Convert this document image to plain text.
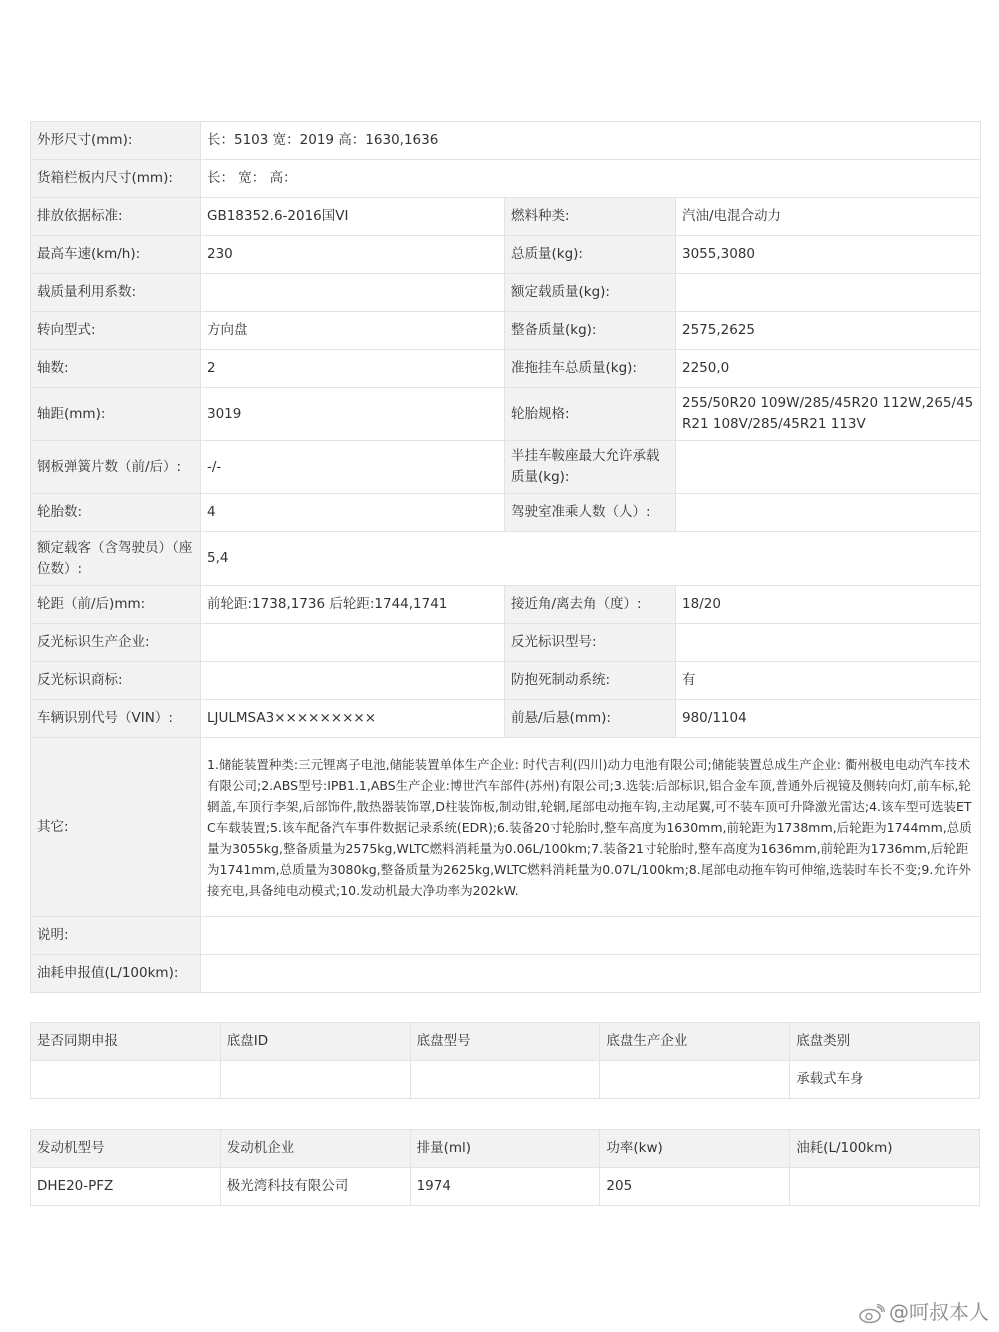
外形尺寸(mm):	长：5103 宽：2019 高：1630,1636		
货箱栏板内尺寸(mm):	长： 宽： 高：		
排放依据标准:	GB18352.6-2016国VI	燃料种类:	汽油/电混合动力
最高车速(km/h):	230	总质量(kg):	3055,3080
载质量利用系数:		额定载质量(kg):	
转向型式:	方向盘	整备质量(kg):	2575,2625
轴数:	2	准拖挂车总质量(kg):	2250,0
轴距(mm):	3019	轮胎规格:	255/50R20 109W/285/45R20 112W,265/45R21 108V/285/45R21 113V
钢板弹簧片数（前/后）:	-/-	半挂车鞍座最大允许承载质量(kg):	
轮胎数:	4	驾驶室准乘人数（人）:	
额定载客（含驾驶员）（座位数）:	5,4		
轮距（前/后)mm:	前轮距:1738,1736 后轮距:1744,1741	接近角/离去角（度）:	18/20
反光标识生产企业:		反光标识型号:	
反光标识商标:		防抱死制动系统:	有
车辆识别代号（VIN）:	LJULMSA3×××××××××	前悬/后悬(mm):	980/1104
其它:	1.储能装置种类:三元锂离子电池,储能装置单体生产企业: 时代吉利(四川)动力电池有限公司;储能装置总成生产企业: 衢州极电电动汽车技术有限公司;2.ABS型号:IPB1.1,ABS生产企业:博世汽车部件(苏州)有限公司;3.选装:后部标识,铝合金车顶,普通外后视镜及侧转向灯,前车标,轮辋盖,车顶行李架,后部饰件,散热器装饰罩,D柱装饰板,制动钳,轮辋,尾部电动拖车钩,主动尾翼,可不装车顶可升降激光雷达;4.该车型可选装ETC车载装置;5.该车配备汽车事件数据记录系统(EDR);6.装备20寸轮胎时,整车高度为1630mm,前轮距为1738mm,后轮距为1744mm,总质量为3055kg,整备质量为2575kg,WLTC燃料消耗量为0.06L/100km;7.装备21寸轮胎时,整车高度为1636mm,前轮距为1736mm,后轮距为1741mm,总质量为3080kg,整备质量为2625kg,WLTC燃料消耗量为0.07L/100km;8.尾部电动拖车钩可伸缩,选装时车长不变;9.允许外接充电,具备纯电动模式;10.发动机最大净功率为202kW.		
说明:			
油耗申报值(L/100km):			
是否同期申报	底盘ID	底盘型号	底盘生产企业	底盘类别
				承载式车身
发动机型号	发动机企业	排量(ml)	功率(kw)	油耗(L/100km)
DHE20-PFZ	极光湾科技有限公司	1974	205	
@呵叔本人
